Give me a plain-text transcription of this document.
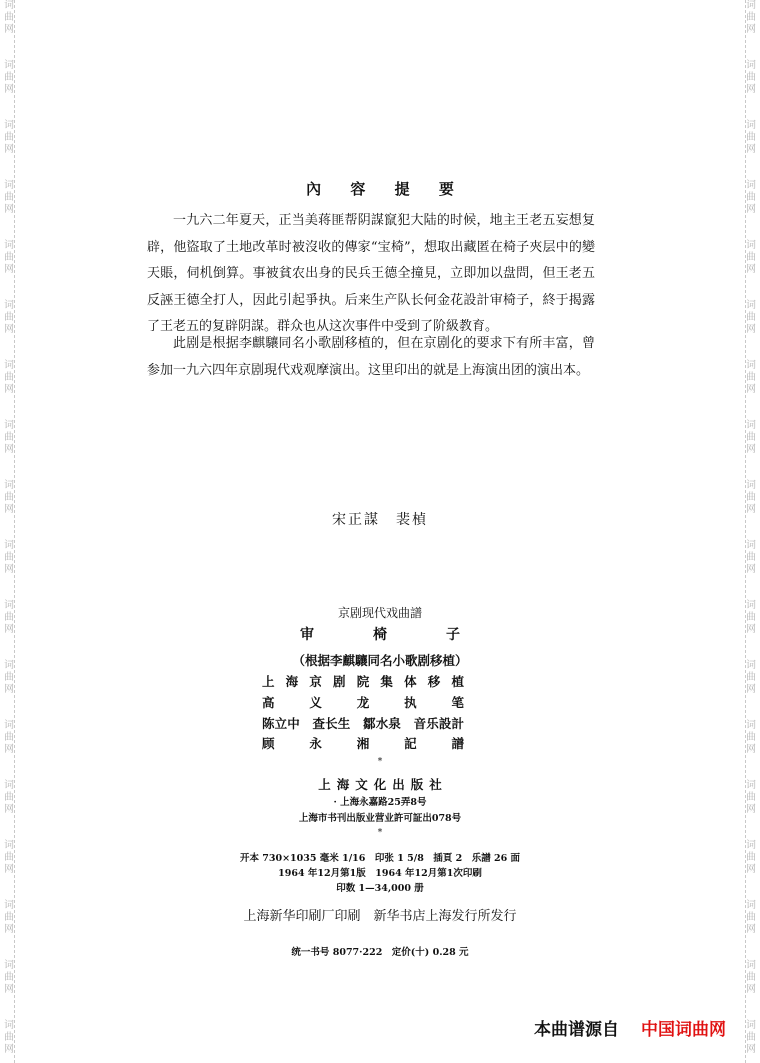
词曲网
词曲网
词曲网
词曲网
词曲网
词曲网
词曲网
词曲网
词曲网
词曲网
词曲网
词曲网
词曲网
词曲网
词曲网
词曲网
词曲网
词曲网
词曲网
词曲网
词曲网
词曲网
词曲网
词曲网
词曲网
词曲网
词曲网
词曲网
词曲网
词曲网
词曲网
词曲网
词曲网
词曲网
词曲网
词曲网
內 容 提 要

一九六二年夏天，正当美蒋匪帮阴謀竄犯大陆的时候，地主王老五妄想复辟，他盜取了土地改革时被沒收的傳家“宝椅”，想取出藏匿在椅子夾层中的變天賬，伺机倒算。事被貧农出身的民兵王德全撞見，立即加以盘問，但王老五反誣王德全打人，因此引起爭执。后来生产队长何金花設計审椅子，終于揭露了王老五的复辟阴謀。群众也从这次事件中受到了阶級教育。

此剧是根据李麒驤同名小歌剧移植的，但在京剧化的要求下有所丰富，曾参加一九六四年京剧現代戏观摩演出。这里印出的就是上海演出团的演出本。

宋正謀　裴楨
京剧现代戏曲譜
审椅子
（根据李麒驤同名小歌剧移植）
上海京剧院集体移植
高义龙执笔
陈立中　查长生　鄒水泉　音乐設計
顾永湘記譜
*
上海文化出版社
· 上海永嘉路25弄8号
上海市书刊出版业营业許可証出078号
*
开本 730×1035 毫米 1/16　印张 1 5/8　插頁 2　乐譜 26 面
1964 年12月第1版　1964 年12月第1次印刷
印数 1—34,000 册
上海新华印刷厂印刷　新华书店上海发行所发行
统一书号 8077·222　定价(十) 0.28 元
本曲谱源自 中国词曲网
